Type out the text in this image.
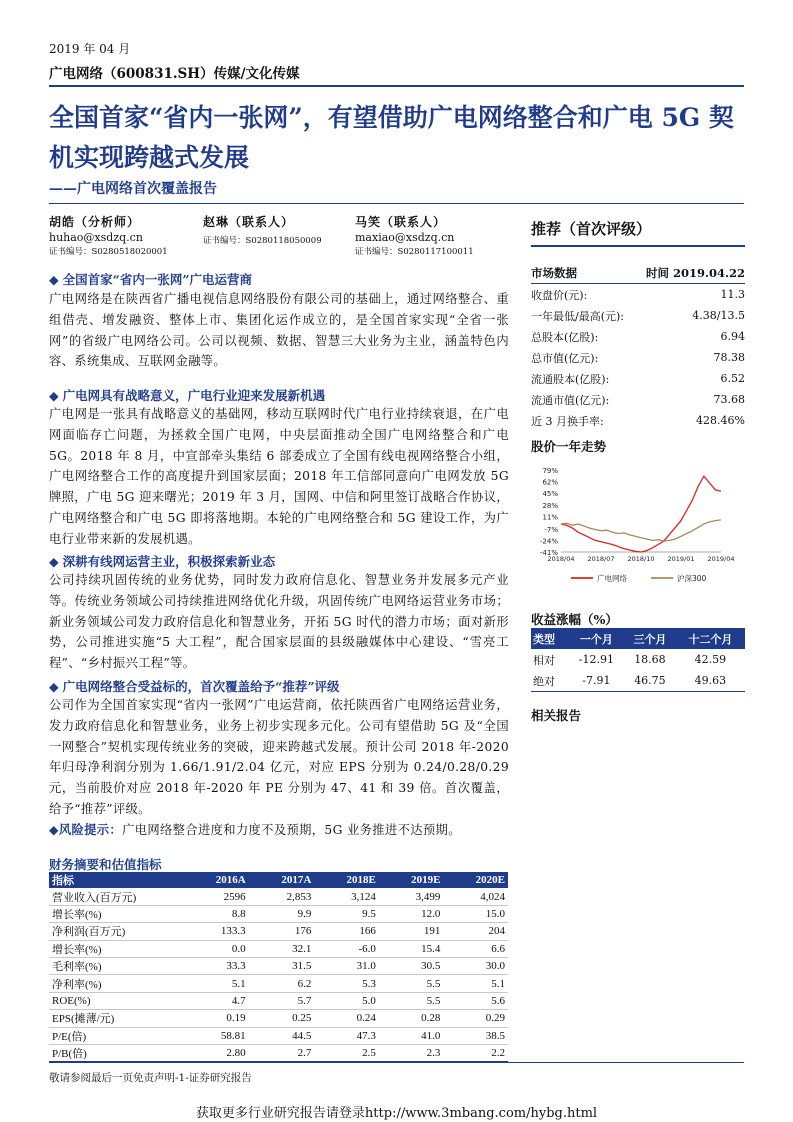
2019 年 04 月
广电网络（600831.SH）传媒/文化传媒
全国首家“省内一张网”，有望借助广电网络整合和广电 5G 契机实现跨越式发展
——广电网络首次覆盖报告
胡皓（分析师）
huhao@xsdzq.cn
证书编号：S0280518020001
赵琳（联系人）
证书编号：S0280118050009
马笑（联系人）
maxiao@xsdzq.cn
证书编号：S0280117100011
◆ 全国首家“省内一张网”广电运营商
广电网络是在陕西省广播电视信息网络股份有限公司的基础上，通过网络整合、重组借壳、增发融资、整体上市、集团化运作成立的，是全国首家实现“全省一张网”的省级广电网络公司。公司以视频、数据、智慧三大业务为主业，涵盖特色内容、系统集成、互联网金融等。
◆ 广电网具有战略意义，广电行业迎来发展新机遇
广电网是一张具有战略意义的基础网，移动互联网时代广电行业持续衰退，在广电网面临存亡问题，为拯救全国广电网，中央层面推动全国广电网络整合和广电 5G。2018 年 8 月，中宣部牵头集结 6 部委成立了全国有线电视网络整合小组，广电网络整合工作的高度提升到国家层面；2018 年工信部同意向广电网发放 5G 牌照，广电 5G 迎来曙光；2019 年 3 月，国网、中信和阿里签订战略合作协议，广电网络整合和广电 5G 即将落地期。本轮的广电网络整合和 5G 建设工作，为广电行业带来新的发展机遇。
◆ 深耕有线网运营主业，积极探索新业态
公司持续巩固传统的业务优势，同时发力政府信息化、智慧业务并发展多元产业等。传统业务领域公司持续推进网络优化升级，巩固传统广电网络运营业务市场；新业务领域公司发力政府信息化和智慧业务，开拓 5G 时代的潜力市场；面对新形势，公司推进实施“5 大工程”，配合国家层面的县级融媒体中心建设、“雪亮工程”、“乡村振兴工程”等。
◆ 广电网络整合受益标的，首次覆盖给予“推荐”评级
公司作为全国首家实现“省内一张网”广电运营商，依托陕西省广电网络运营业务，发力政府信息化和智慧业务，业务上初步实现多元化。公司有望借助 5G 及“全国一网整合”契机实现传统业务的突破，迎来跨越式发展。预计公司 2018 年-2020 年归母净利润分别为 1.66/1.91/2.04 亿元，对应 EPS 分别为 0.24/0.28/0.29 元，当前股价对应 2018 年-2020 年 PE 分别为 47、41 和 39 倍。首次覆盖，给予“推荐”评级。
◆风险提示：广电网络整合进度和力度不及预期，5G 业务推进不达预期。
推荐（首次评级）
市场数据	时间 2019.04.22
收盘价(元):	11.3
一年最低/最高(元):	4.38/13.5
总股本(亿股):	6.94
总市值(亿元):	78.38
流通股本(亿股):	6.52
流通市值(亿元):	73.68
近 3 月换手率:	428.46%
股价一年走势
79%
62%
45%
28%
11%
-7%
-24%
-41%
2018/04 2018/07 2018/10 2019/01 2019/04
广电网络	沪深300
收益涨幅（%）
类型	一个月	三个月	十二个月
相对	-12.91	18.68	42.59
绝对	-7.91	46.75	49.63
相关报告
财务摘要和估值指标
指标	2016A	2017A	2018E	2019E	2020E
营业收入(百万元)	2596	2,853	3,124	3,499	4,024
增长率(%)	8.8	9.9	9.5	12.0	15.0
净利润(百万元)	133.3	176	166	191	204
增长率(%)	0.0	32.1	-6.0	15.4	6.6
毛利率(%)	33.3	31.5	31.0	30.5	30.0
净利率(%)	5.1	6.2	5.3	5.5	5.1
ROE(%)	4.7	5.7	5.0	5.5	5.6
EPS(摊薄/元)	0.19	0.25	0.24	0.28	0.29
P/E(倍)	58.81	44.5	47.3	41.0	38.5
P/B(倍)	2.80	2.7	2.5	2.3	2.2
敬请参阅最后一页免责声明-1-证券研究报告
获取更多行业研究报告请登录http://www.3mbang.com/hybg.html
